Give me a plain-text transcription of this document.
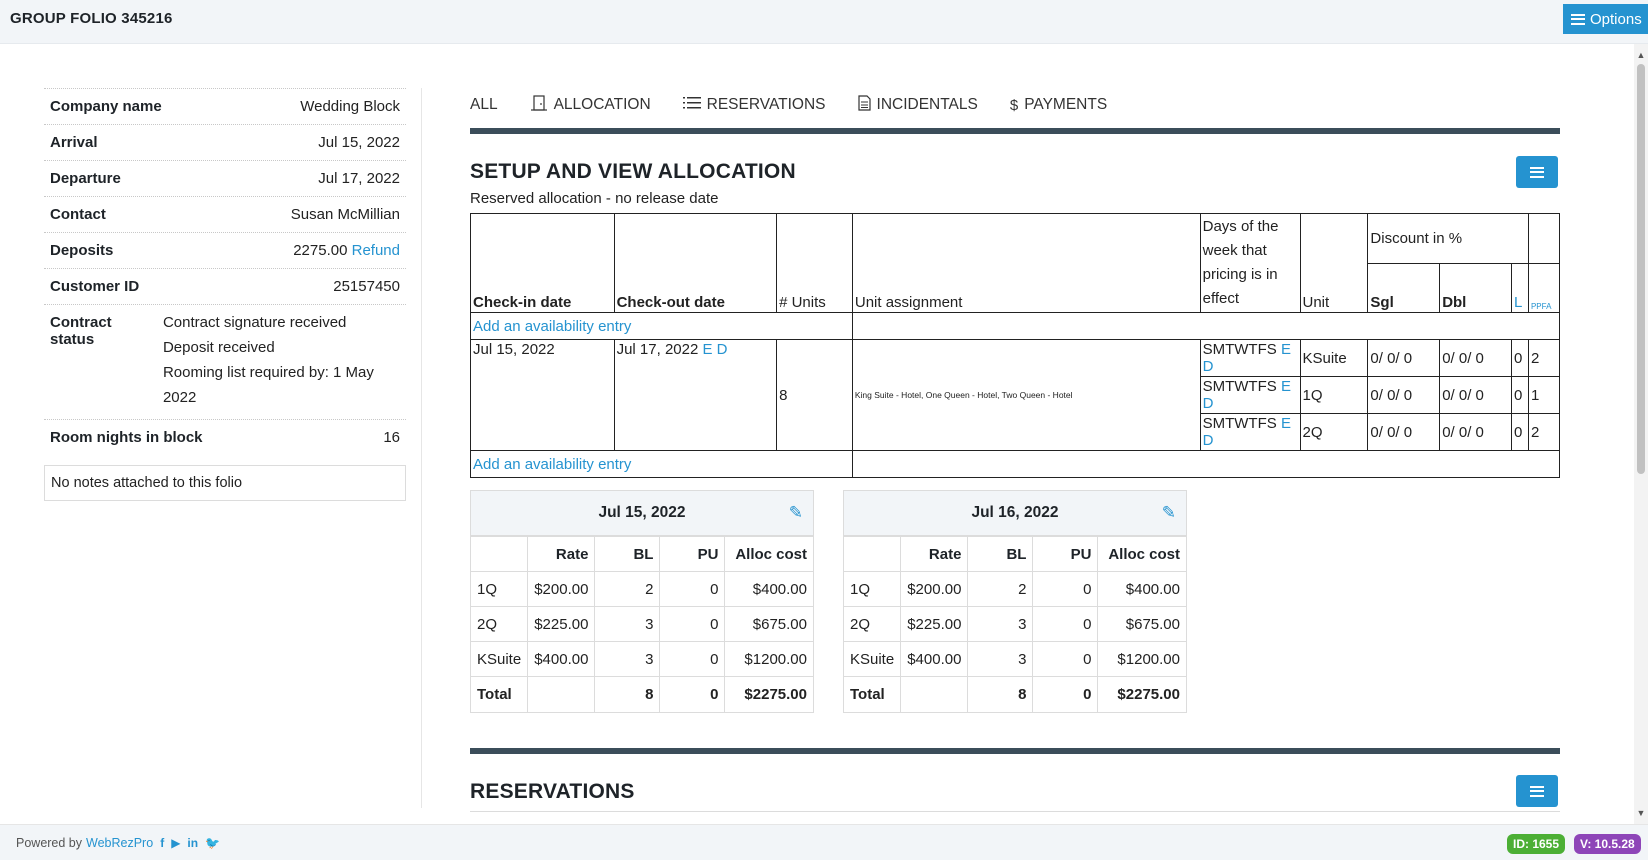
GROUP FOLIO 345216	Options
▲
▼
Company name	Wedding Block
Arrival	Jul 15, 2022
Departure	Jul 17, 2022
Contact	Susan McMillian
Deposits	2275.00 Refund
Customer ID	25157450
Contract status
Contract signature received
Deposit received
Rooming list required by: 1 May 2022
Room nights in block	16
No notes attached to this folio
ALL	ALLOCATION	RESERVATIONS	INCIDENTALS $ PAYMENTS
SETUP AND VIEW ALLOCATION
Reserved allocation - no release date
Check-in date	Check-out date	# Units	Unit assignment	Days of the week that pricing is in effect	Unit	Discount in %			
						Sgl	Dbl	L	PPFA
Add an availability entry									
Jul 15, 2022	Jul 17, 2022 E D	8	King Suite - Hotel, One Queen - Hotel, Two Queen - Hotel	SMTWTFS E D	KSuite	0/ 0/ 0	0/ 0/ 0	0	2
				SMTWTFS E D	1Q	0/ 0/ 0	0/ 0/ 0	0	1
				SMTWTFS E D	2Q	0/ 0/ 0	0/ 0/ 0	0	2
Add an availability entry									
Jul 15, 2022	✎
	Rate	BL	PU	Alloc cost
1Q	$200.00	2	0	$400.00
2Q	$225.00	3	0	$675.00
KSuite	$400.00	3	0	$1200.00
Total		8	0	$2275.00
Jul 16, 2022	✎
	Rate	BL	PU	Alloc cost
1Q	$200.00	2	0	$400.00
2Q	$225.00	3	0	$675.00
KSuite	$400.00	3	0	$1200.00
Total		8	0	$2275.00
RESERVATIONS
Powered by WebRezPro f ▶ in 🐦	ID: 1655	V: 10.5.28
